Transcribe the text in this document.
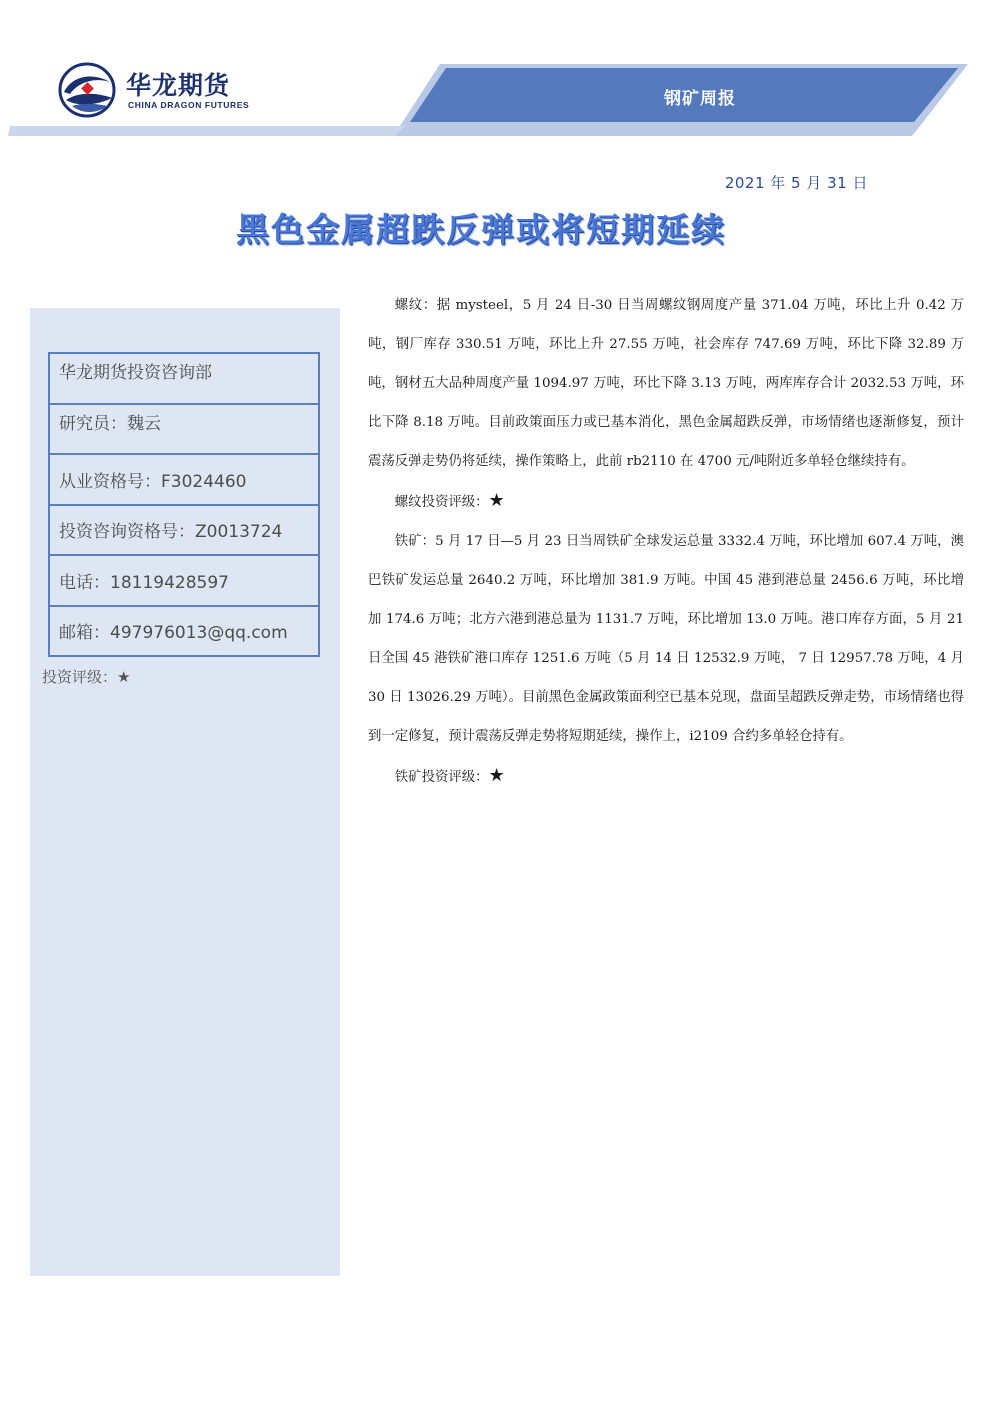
华龙期货
CHINA DRAGON FUTURES	钢矿周报
2021 年 5 月 31 日
黑色金属超跌反弹或将短期延续
华龙期货投资咨询部
研究员：魏云
从业资格号：F3024460
投资咨询资格号：Z0013724
电话：18119428597
邮箱：497976013@qq.com
投资评级：★

螺纹：据 mysteel，5 月 24 日-30 日当周螺纹钢周度产量 371.04 万吨，环比上升 0.42 万吨，钢厂库存 330.51 万吨，环比上升 27.55 万吨，社会库存 747.69 万吨，环比下降 32.89 万吨，钢材五大品种周度产量 1094.97 万吨，环比下降 3.13 万吨，两库库存合计 2032.53 万吨，环比下降 8.18 万吨。目前政策面压力或已基本消化，黑色金属超跌反弹，市场情绪也逐渐修复，预计震荡反弹走势仍将延续，操作策略上，此前 rb2110 在 4700 元/吨附近多单轻仓继续持有。

螺纹投资评级：★

铁矿：5 月 17 日—5 月 23 日当周铁矿全球发运总量 3332.4 万吨，环比增加 607.4 万吨，澳巴铁矿发运总量 2640.2 万吨，环比增加 381.9 万吨。中国 45 港到港总量 2456.6 万吨，环比增加 174.6 万吨；北方六港到港总量为 1131.7 万吨，环比增加 13.0 万吨。港口库存方面，5 月 21 日全国 45 港铁矿港口库存 1251.6 万吨（5 月 14 日 12532.9 万吨， 7 日 12957.78 万吨，4 月 30 日 13026.29 万吨）。目前黑色金属政策面利空已基本兑现，盘面呈超跌反弹走势，市场情绪也得到一定修复，预计震荡反弹走势将短期延续，操作上，i2109 合约多单轻仓持有。

铁矿投资评级：★
